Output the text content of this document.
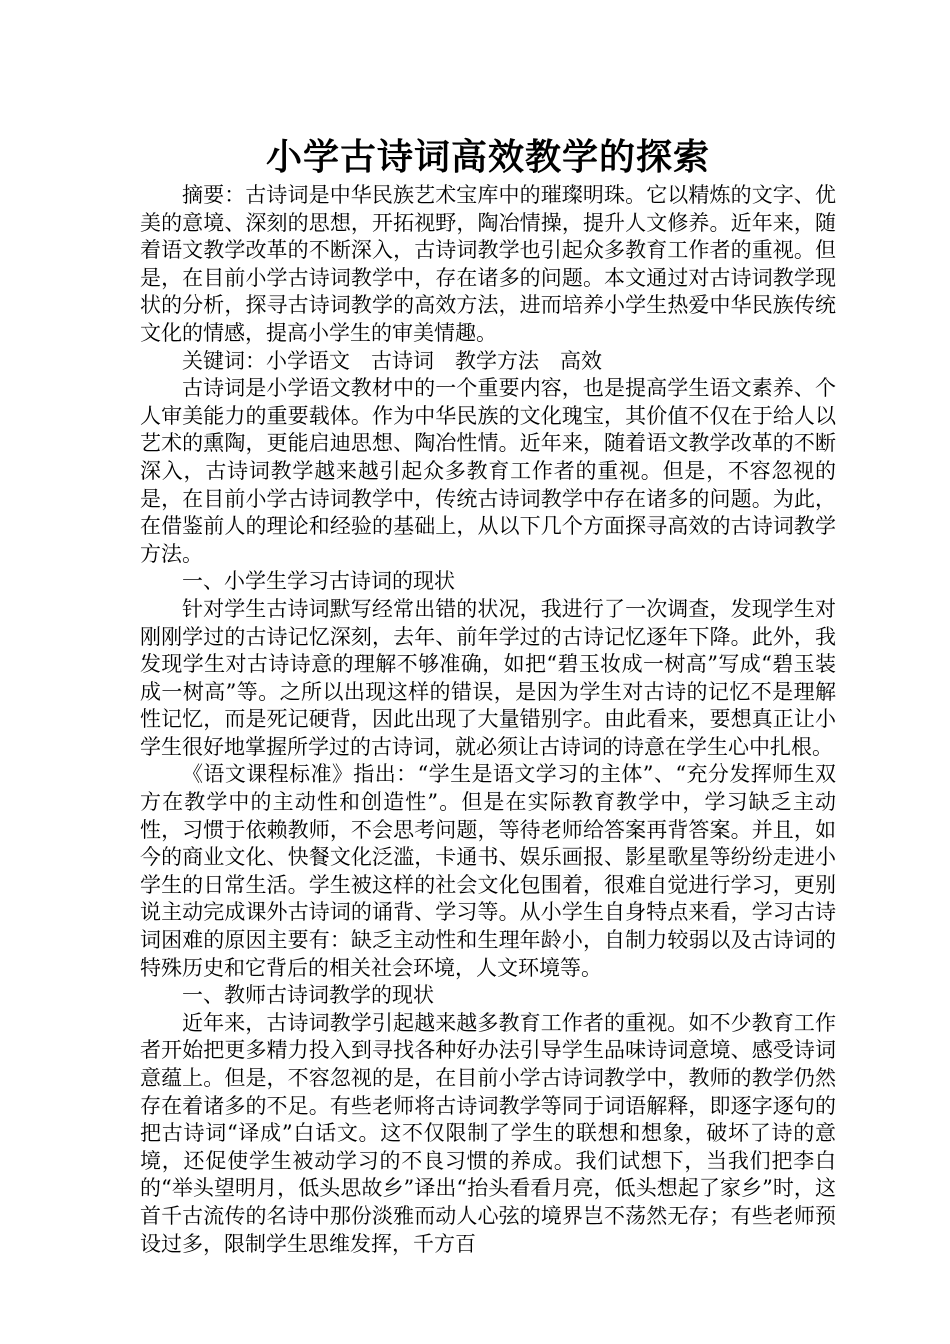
小学古诗词高效教学的探索

摘要：古诗词是中华民族艺术宝库中的璀璨明珠。它以精炼的文字、优美的意境、深刻的思想，开拓视野，陶冶情操，提升人文修养。近年来，随着语文教学改革的不断深入，古诗词教学也引起众多教育工作者的重视。但是，在目前小学古诗词教学中，存在诸多的问题。本文通过对古诗词教学现状的分析，探寻古诗词教学的高效方法，进而培养小学生热爱中华民族传统文化的情感，提高小学生的审美情趣。

关键词：小学语文　古诗词　教学方法　高效

古诗词是小学语文教材中的一个重要内容，也是提高学生语文素养、个人审美能力的重要载体。作为中华民族的文化瑰宝，其价值不仅在于给人以艺术的熏陶，更能启迪思想、陶冶性情。近年来，随着语文教学改革的不断深入，古诗词教学越来越引起众多教育工作者的重视。但是，不容忽视的是，在目前小学古诗词教学中，传统古诗词教学中存在诸多的问题。为此，在借鉴前人的理论和经验的基础上，从以下几个方面探寻高效的古诗词教学方法。

一、小学生学习古诗词的现状

针对学生古诗词默写经常出错的状况，我进行了一次调查，发现学生对刚刚学过的古诗记忆深刻，去年、前年学过的古诗记忆逐年下降。此外，我发现学生对古诗诗意的理解不够准确，如把“碧玉妆成一树高”写成“碧玉装成一树高”等。之所以出现这样的错误，是因为学生对古诗的记忆不是理解性记忆，而是死记硬背，因此出现了大量错别字。由此看来，要想真正让小学生很好地掌握所学过的古诗词，就必须让古诗词的诗意在学生心中扎根。

《语文课程标准》指出：“学生是语文学习的主体”、“充分发挥师生双方在教学中的主动性和创造性”。但是在实际教育教学中，学习缺乏主动性，习惯于依赖教师，不会思考问题，等待老师给答案再背答案。并且，如今的商业文化、快餐文化泛滥，卡通书、娱乐画报、影星歌星等纷纷走进小学生的日常生活。学生被这样的社会文化包围着，很难自觉进行学习，更别说主动完成课外古诗词的诵背、学习等。从小学生自身特点来看，学习古诗词困难的原因主要有：缺乏主动性和生理年龄小，自制力较弱以及古诗词的特殊历史和它背后的相关社会环境，人文环境等。

一、教师古诗词教学的现状

近年来，古诗词教学引起越来越多教育工作者的重视。如不少教育工作者开始把更多精力投入到寻找各种好办法引导学生品味诗词意境、感受诗词意蕴上。但是，不容忽视的是，在目前小学古诗词教学中，教师的教学仍然存在着诸多的不足。有些老师将古诗词教学等同于词语解释，即逐字逐句的把古诗词“译成”白话文。这不仅限制了学生的联想和想象，破坏了诗的意境，还促使学生被动学习的不良习惯的养成。我们试想下，当我们把李白的“举头望明月，低头思故乡”译出“抬头看看月亮，低头想起了家乡”时，这首千古流传的名诗中那份淡雅而动人心弦的境界岂不荡然无存；有些老师预设过多，限制学生思维发挥，千方百
